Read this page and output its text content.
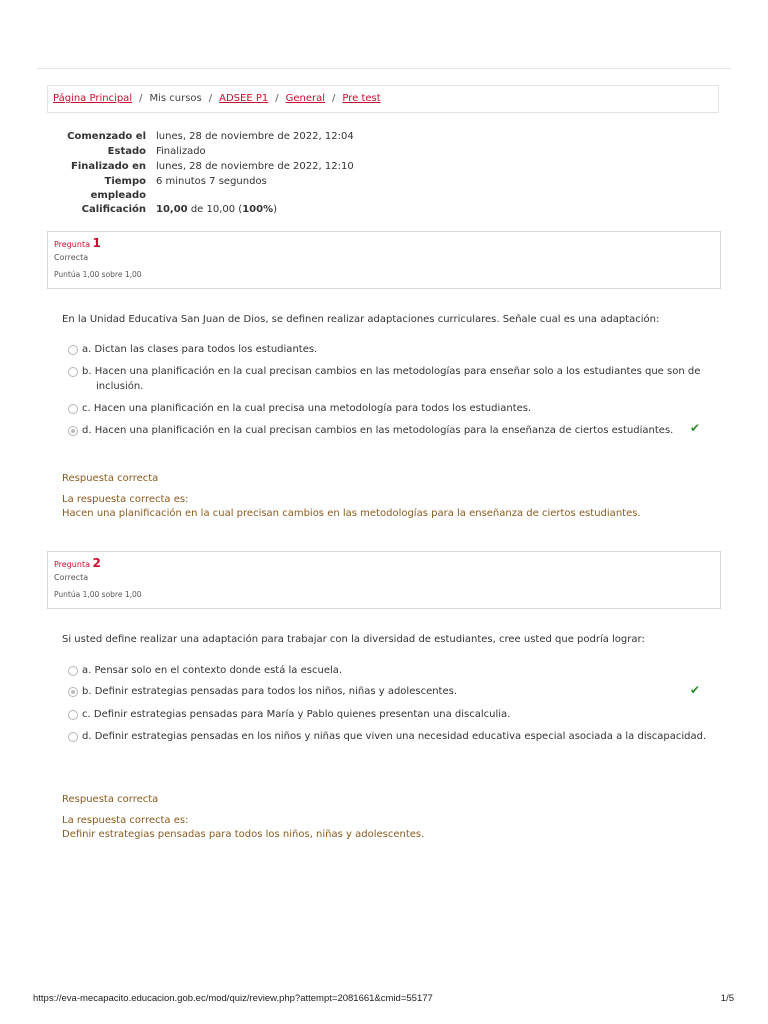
Página Principal / Mis cursos / ADSEE P1 / General / Pre test
Comenzado el lunes, 28 de noviembre de 2022, 12:04
Estado Finalizado
Finalizado en lunes, 28 de noviembre de 2022, 12:10
Tiempo
empleado
6 minutos 7 segundos
Calificación 10,00 de 10,00 (100%)
Pregunta 1
Correcta
Puntúa 1,00 sobre 1,00
En la Unidad Educativa San Juan de Dios, se definen realizar adaptaciones curriculares. Señale cual es una adaptación:
a. Dictan las clases para todos los estudiantes.
b. Hacen una planificación en la cual precisan cambios en las metodologías para enseñar solo a los estudiantes que son de inclusión.
c. Hacen una planificación en la cual precisa una metodología para todos los estudiantes.
d. Hacen una planificación en la cual precisan cambios en las metodologías para la enseñanza de ciertos estudiantes.	✔
Respuesta correcta
La respuesta correcta es:
Hacen una planificación en la cual precisan cambios en las metodologías para la enseñanza de ciertos estudiantes.
Pregunta 2
Correcta
Puntúa 1,00 sobre 1,00
Si usted define realizar una adaptación para trabajar con la diversidad de estudiantes, cree usted que podría lograr:
a. Pensar solo en el contexto donde está la escuela.
b. Definir estrategias pensadas para todos los niños, niñas y adolescentes.	✔
c. Definir estrategias pensadas para María y Pablo quienes presentan una discalculia.
d. Definir estrategias pensadas en los niños y niñas que viven una necesidad educativa especial asociada a la discapacidad.
Respuesta correcta
La respuesta correcta es:
Definir estrategias pensadas para todos los niños, niñas y adolescentes.
https://eva-mecapacito.educacion.gob.ec/mod/quiz/review.php?attempt=2081661&cmid=55177	1/5
